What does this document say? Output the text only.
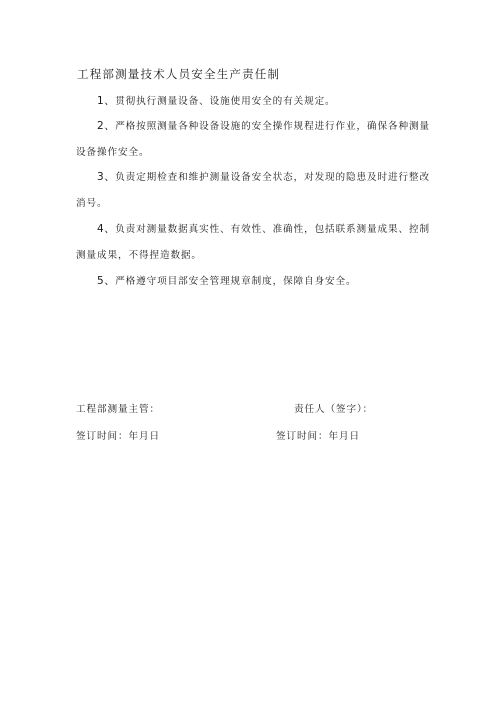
工程部测量技术人员安全生产责任制
1、贯彻执行测量设备、设施使用安全的有关规定。
2、严格按照测量各种设备设施的安全操作规程进行作业，确保各种测量设备操作安全。
3、负责定期检查和维护测量设备安全状态，对发现的隐患及时进行整改消号。
4、负责对测量数据真实性、有效性、准确性，包括联系测量成果、控制测量成果，不得捏造数据。
5、严格遵守项目部安全管理规章制度，保障自身安全。
工程部测量主管：	责任人（签字）：
签订时间：年月日	签订时间：年月日
